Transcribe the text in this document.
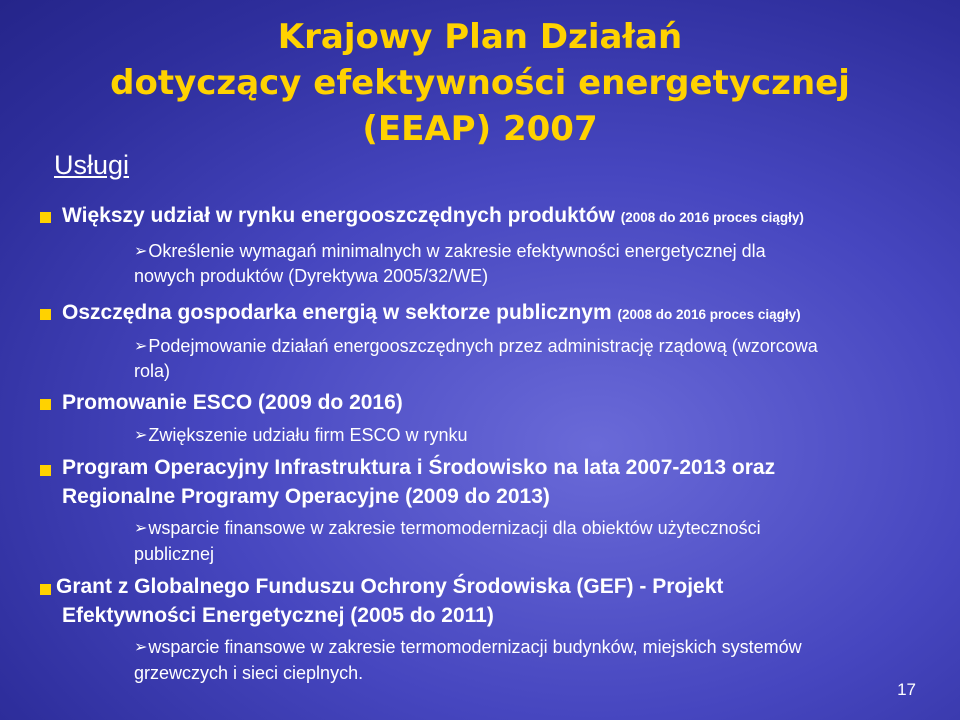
Krajowy Plan Działań
dotyczący efektywności energetycznej
(EEAP) 2007
Usługi
Większy udział w rynku energooszczędnych produktów (2008 do 2016 proces ciągły)
➢Określenie wymagań minimalnych w zakresie efektywności energetycznej dla
nowych produktów (Dyrektywa 2005/32/WE)
Oszczędna gospodarka energią w sektorze publicznym (2008 do 2016 proces ciągły)
➢Podejmowanie działań energooszczędnych przez administrację rządową (wzorcowa
rola)
Promowanie ESCO (2009 do 2016)
➢Zwiększenie udziału firm ESCO w rynku
Program Operacyjny Infrastruktura i Środowisko na lata 2007-2013 oraz
Regionalne Programy Operacyjne (2009 do 2013)
➢wsparcie finansowe w zakresie termomodernizacji dla obiektów użyteczności
publicznej
Grant z Globalnego Funduszu Ochrony Środowiska (GEF) - Projekt
Efektywności Energetycznej (2005 do 2011)
➢wsparcie finansowe w zakresie termomodernizacji budynków, miejskich systemów
grzewczych i sieci cieplnych.
17
